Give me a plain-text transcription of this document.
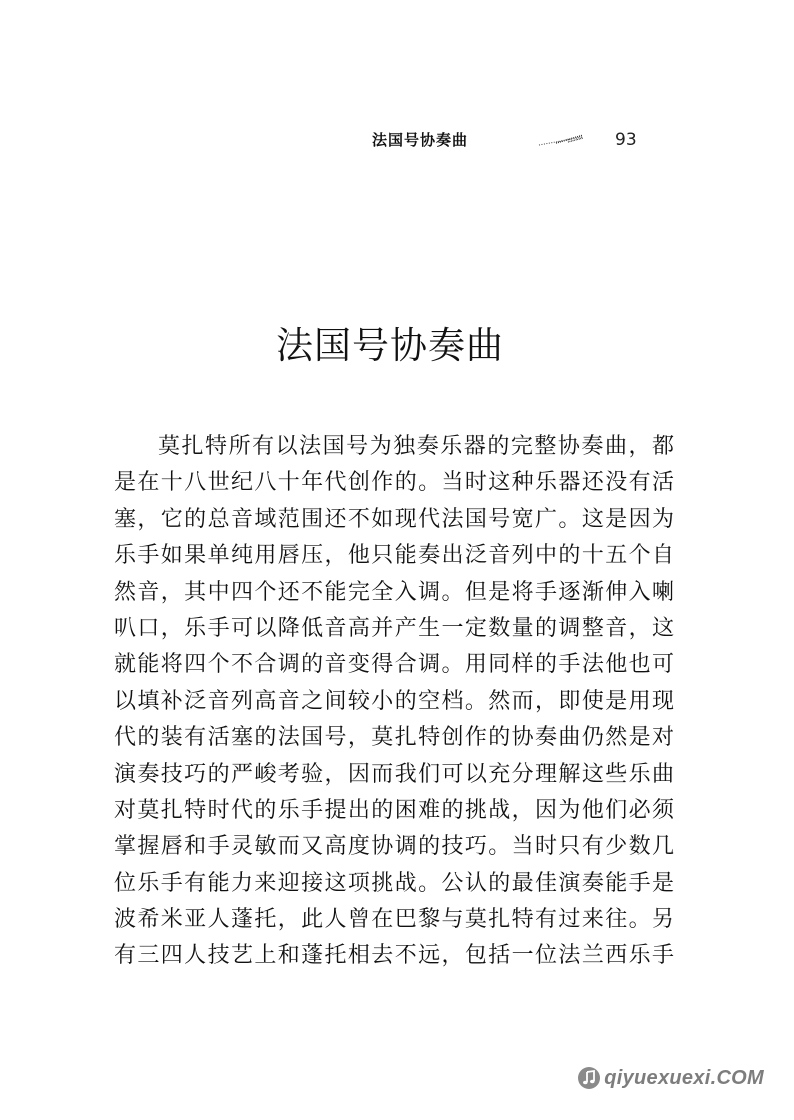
法国号协奏曲	93
法国号协奏曲
莫扎特所有以法国号为独奏乐器的完整协奏曲，都
是在十八世纪八十年代创作的。当时这种乐器还没有活
塞，它的总音域范围还不如现代法国号宽广。这是因为
乐手如果单纯用唇压，他只能奏出泛音列中的十五个自
然音，其中四个还不能完全入调。但是将手逐渐伸入喇
叭口，乐手可以降低音高并产生一定数量的调整音，这
就能将四个不合调的音变得合调。用同样的手法他也可
以填补泛音列高音之间较小的空档。然而，即使是用现
代的装有活塞的法国号，莫扎特创作的协奏曲仍然是对
演奏技巧的严峻考验，因而我们可以充分理解这些乐曲
对莫扎特时代的乐手提出的困难的挑战，因为他们必须
掌握唇和手灵敏而又高度协调的技巧。当时只有少数几
位乐手有能力来迎接这项挑战。公认的最佳演奏能手是
波希米亚人蓬托，此人曾在巴黎与莫扎特有过来往。另
有三四人技艺上和蓬托相去不远，包括一位法兰西乐手
qiyuexuexi.COM
